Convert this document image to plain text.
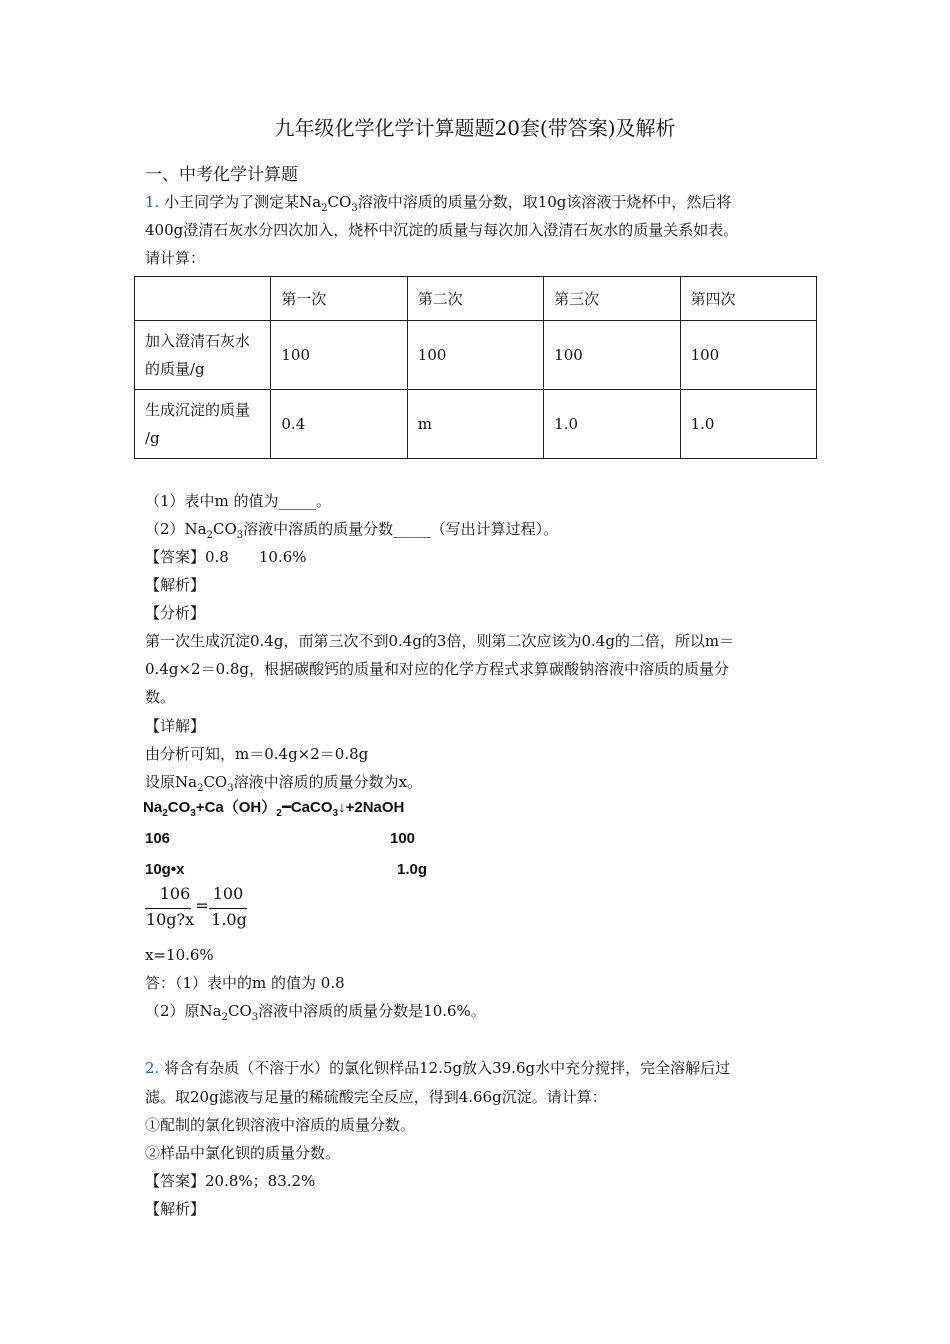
九年级化学化学计算题题20套(带答案)及解析
一、中考化学计算题
1. 小王同学为了测定某$Na_2CO_3$溶液中溶质的质量分数，取10g该溶液于烧杯中，然后将
400g澄清石灰水分四次加入，烧杯中沉淀的质量与每次加入澄清石灰水的质量关系如表。
请计算：
	第一次	第二次	第三次	第四次

加入澄清石灰水
的质量/g	100	100	100	100

生成沉淀的质量
/g	0.4	m	1.0	1.0
（1）表中m 的值为_____。
$(2)Na_2CO_3$溶液中溶质的质量分数_____（写出计算过程）。
【答案】0.8　　10.6%
【解析】
【分析】
第一次生成沉淀0.4g，而第三次不到0.4g的3倍，则第二次应该为0.4g的二倍，所以m＝
0.4g×2＝0.8g，根据碳酸钙的质量和对应的化学方程式求算碳酸钠溶液中溶质的质量分
数。
【详解】
由分析可知，m＝0.4g×2＝0.8g
设原$Na_2CO_3$溶液中溶质的质量分数为x。
$Na_2CO_3+Ca(OH)_2━CaCO_3↓+2NaOH$
106	100
10g•x	1.0g
106
10g?x
=
100
1.0g
x=10.6%
答：（1）表中的m 的值为 0.8
（2）原$Na_2CO_3$溶液中溶质的质量分数是10.6%。
2. 将含有杂质（不溶于水）的氯化钡样品12.5g放入39.6g水中充分搅拌，完全溶解后过
滤。取20g滤液与足量的稀硫酸完全反应，得到4.66g沉淀。请计算：
①配制的氯化钡溶液中溶质的质量分数。
②样品中氯化钡的质量分数。
【答案】20.8%；83.2%
【解析】
